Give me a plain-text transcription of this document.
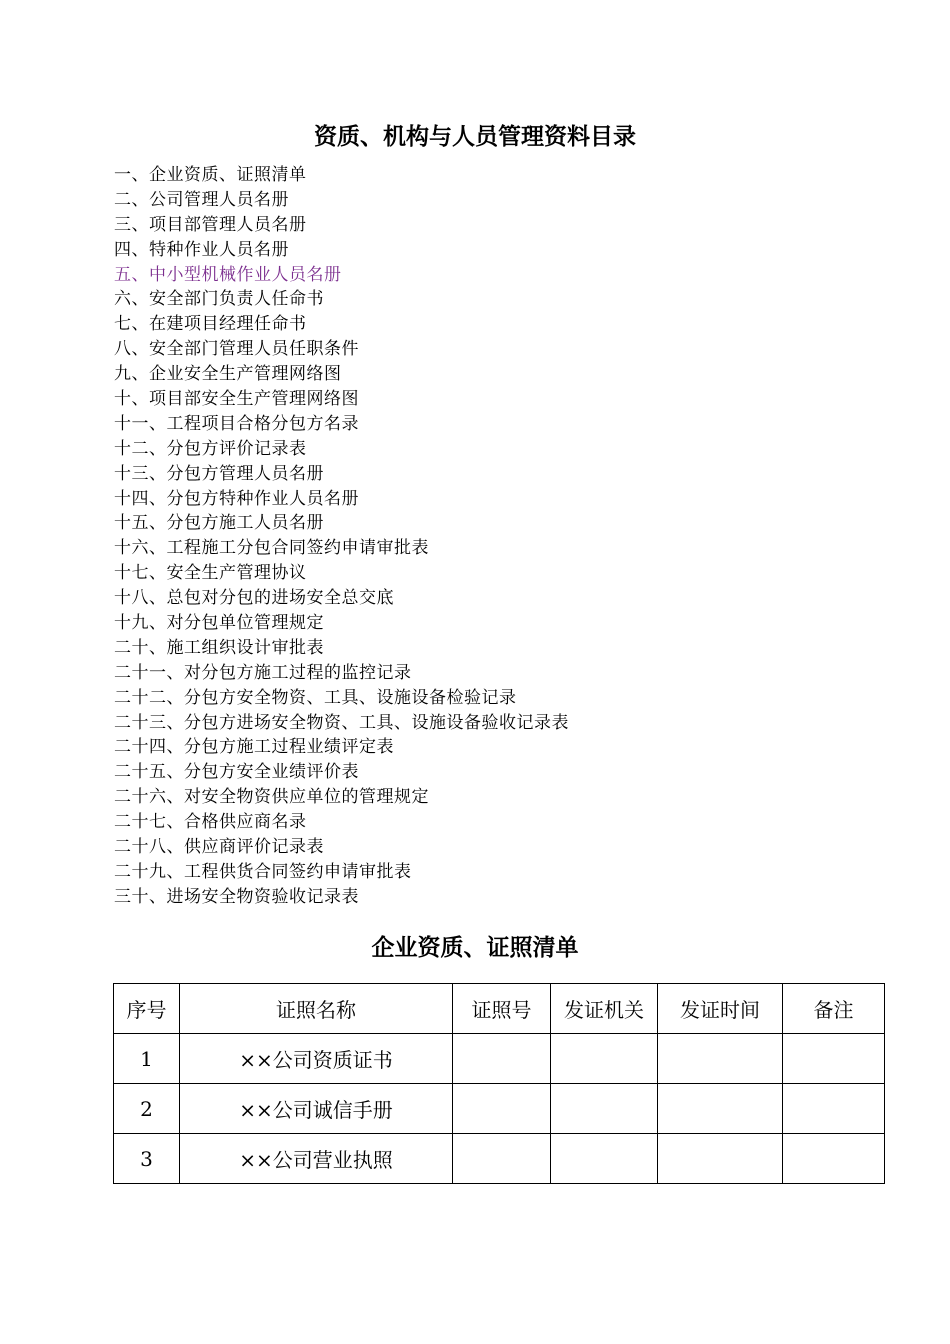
资质、机构与人员管理资料目录
一、企业资质、证照清单
二、公司管理人员名册
三、项目部管理人员名册
四、特种作业人员名册
五、中小型机械作业人员名册
六、安全部门负责人任命书
七、在建项目经理任命书
八、安全部门管理人员任职条件
九、企业安全生产管理网络图
十、项目部安全生产管理网络图
十一、工程项目合格分包方名录
十二、分包方评价记录表
十三、分包方管理人员名册
十四、分包方特种作业人员名册
十五、分包方施工人员名册
十六、工程施工分包合同签约申请审批表
十七、安全生产管理协议
十八、总包对分包的进场安全总交底
十九、对分包单位管理规定
二十、施工组织设计审批表
二十一、对分包方施工过程的监控记录
二十二、分包方安全物资、工具、设施设备检验记录
二十三、分包方进场安全物资、工具、设施设备验收记录表
二十四、分包方施工过程业绩评定表
二十五、分包方安全业绩评价表
二十六、对安全物资供应单位的管理规定
二十七、合格供应商名录
二十八、供应商评价记录表
二十九、工程供货合同签约申请审批表
三十、进场安全物资验收记录表
企业资质、证照清单
序号	证照名称	证照号	发证机关	发证时间	备注
1	××公司资质证书				
2	××公司诚信手册				
3	××公司营业执照				
